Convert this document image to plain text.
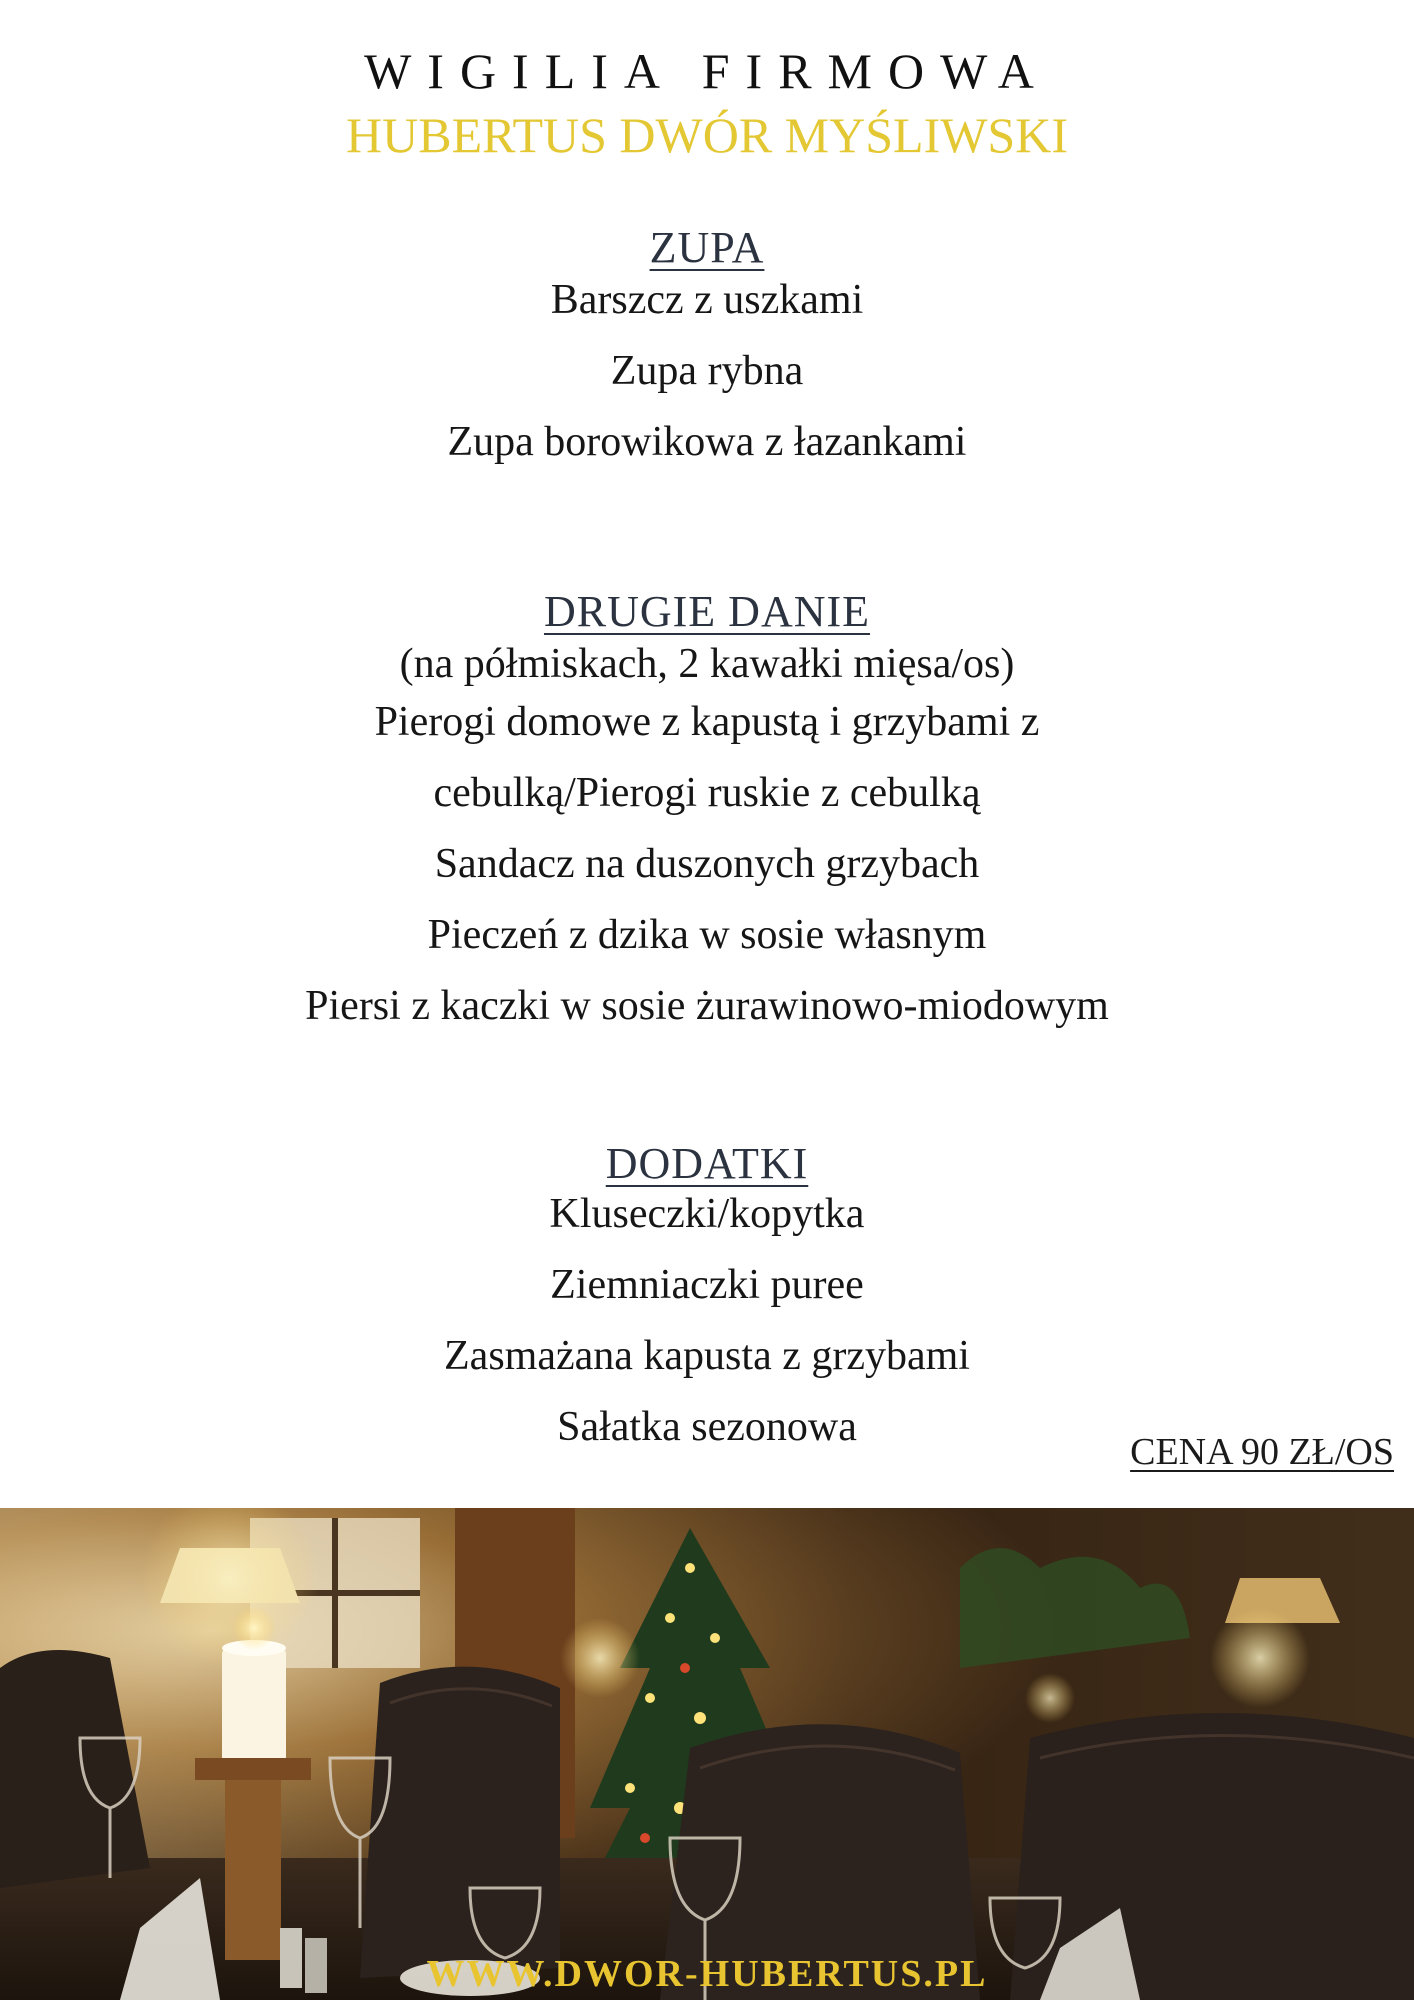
WIGILIA FIRMOWA
HUBERTUS DWÓR MYŚLIWSKI
ZUPA
Barszcz z uszkami
Zupa rybna
Zupa borowikowa z łazankami
DRUGIE DANIE
(na półmiskach, 2 kawałki mięsa/os)
Pierogi domowe z kapustą i grzybami z
cebulką/Pierogi ruskie z cebulką
Sandacz na duszonych grzybach
Pieczeń z dzika w sosie własnym
Piersi z kaczki w sosie żurawinowo-miodowym
DODATKI
Kluseczki/kopytka
Ziemniaczki puree
Zasmażana kapusta z grzybami
Sałatka sezonowa
CENA 90 ZŁ/OS
WWW.DWOR-HUBERTUS.PL
